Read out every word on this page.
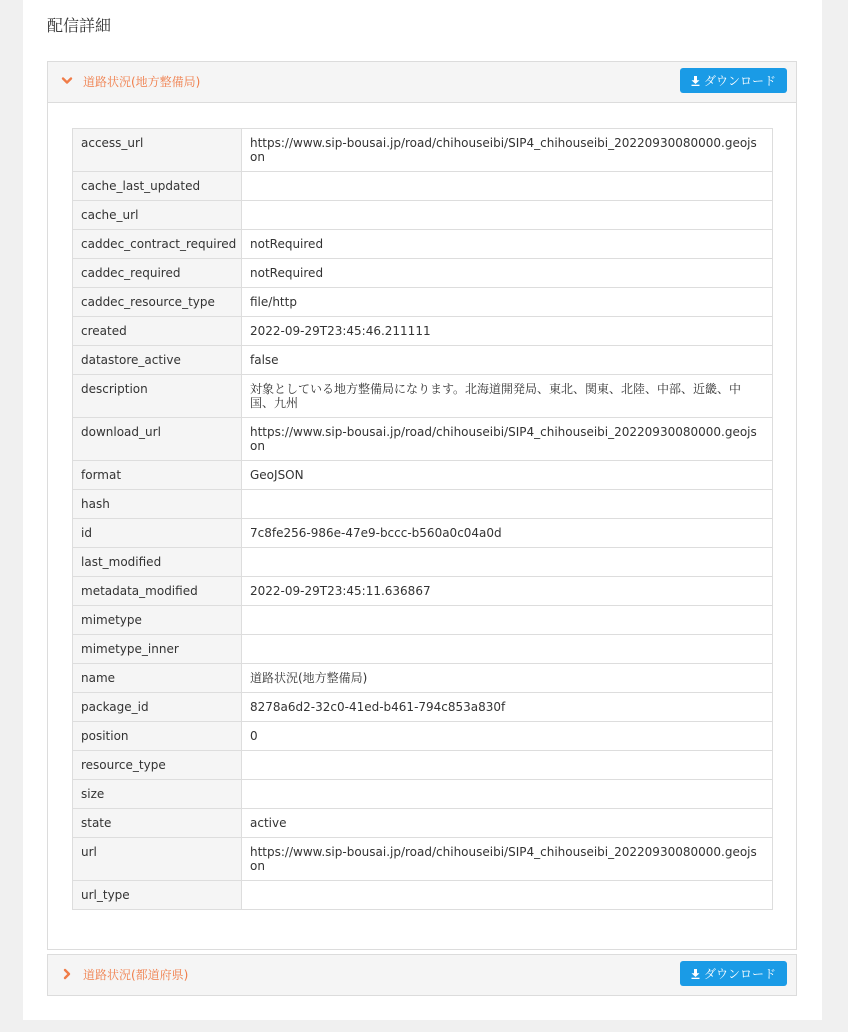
配信詳細
道路状況(地方整備局)	ダウンロード
access_url	https://www.sip-bousai.jp/road/chihouseibi/SIP4_chihouseibi_20220930080000.geojson
cache_last_updated	
cache_url	
caddec_contract_required	notRequired
caddec_required	notRequired
caddec_resource_type	file/http
created	2022-09-29T23:45:46.211111
datastore_active	false
description	対象としている地方整備局になります。北海道開発局、東北、関東、北陸、中部、近畿、中国、九州
download_url	https://www.sip-bousai.jp/road/chihouseibi/SIP4_chihouseibi_20220930080000.geojson
format	GeoJSON
hash	
id	7c8fe256-986e-47e9-bccc-b560a0c04a0d
last_modified	
metadata_modified	2022-09-29T23:45:11.636867
mimetype	
mimetype_inner	
name	道路状況(地方整備局)
package_id	8278a6d2-32c0-41ed-b461-794c853a830f
position	0
resource_type	
size	
state	active
url	https://www.sip-bousai.jp/road/chihouseibi/SIP4_chihouseibi_20220930080000.geojson
url_type	
道路状況(都道府県)	ダウンロード
